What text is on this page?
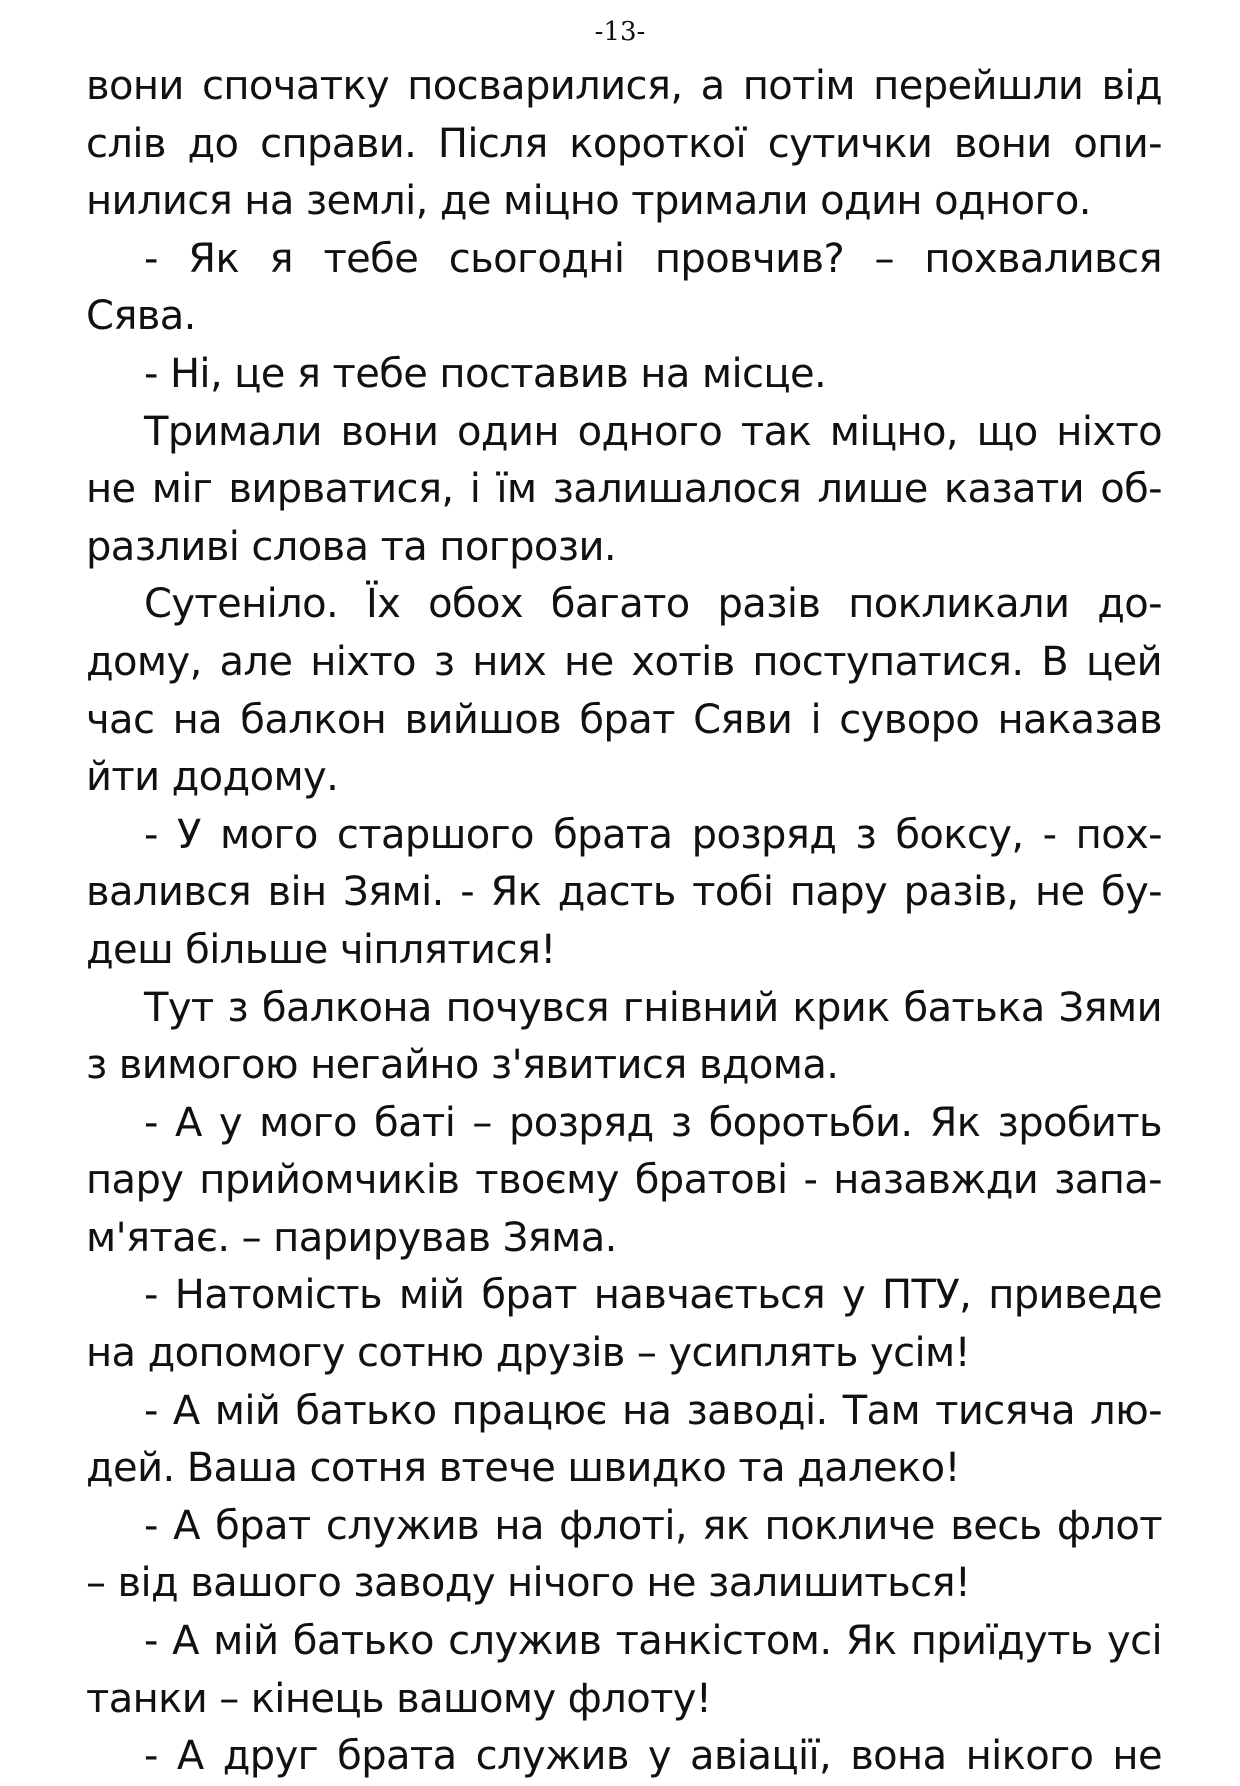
-13-
вони спочатку посварилися, а потім перейшли від
слів до справи. Після короткої сутички вони опи-
нилися на землі, де міцно тримали один одного.
- Як я тебе сьогодні провчив? – похвалився
Сява.
- Ні, це я тебе поставив на місце.
Тримали вони один одного так міцно, що ніхто
не міг вирватися, і їм залишалося лише казати об-
разливі слова та погрози.
Сутеніло. Їх обох багато разів покликали до-
дому, але ніхто з них не хотів поступатися. В цей
час на балкон вийшов брат Сяви і суворо наказав
йти додому.
- У мого старшого брата розряд з боксу, - пох-
валився він Зямі. - Як дасть тобі пару разів, не бу-
деш більше чіплятися!
Тут з балкона почувся гнівний крик батька Зями
з вимогою негайно з'явитися вдома.
- А у мого баті – розряд з боротьби. Як зробить
пару прийомчиків твоєму братові - назавжди запа-
м'ятає. – парирував Зяма.
- Натомість мій брат навчається у ПТУ, приведе
на допомогу сотню друзів – усиплять усім!
- А мій батько працює на заводі. Там тисяча лю-
дей. Ваша сотня втече швидко та далеко!
- А брат служив на флоті, як покличе весь флот
– від вашого заводу нічого не залишиться!
- А мій батько служив танкістом. Як приїдуть усі
танки – кінець вашому флоту!
- А друг брата служив у авіації, вона нікого не
